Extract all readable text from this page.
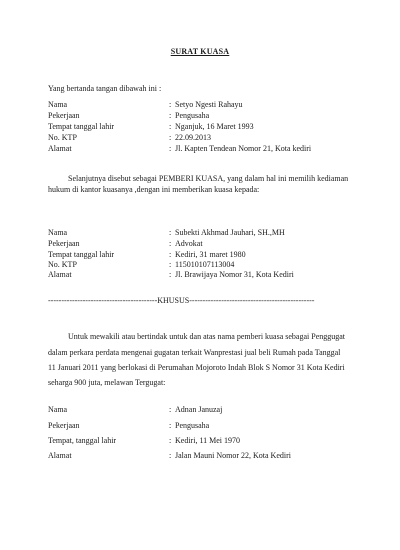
SURAT KUASA
Yang bertanda tangan dibawah ini :
Nama	: Setyo Ngesti Rahayu
Pekerjaan	: Pengusaha
Tempat tanggal lahir	: Nganjuk, 16 Maret 1993
No. KTP	: 22.09.2013
Alamat	: Jl. Kapten Tendean Nomor 21, Kota kediri
Selanjutnya disebut sebagai PEMBERI KUASA, yang dalam hal ini memilih kediaman
hukum di kantor kuasanya ,dengan ini memberikan kuasa kepada:
Nama	: Subekti Akhmad Jauhari, SH.,MH
Pekerjaan	: Advokat
Tempat tanggal lahir	: Kediri, 31 maret 1980
No. KTP	: 115010107113004
Alamat	: Jl. Brawijaya Nomor 31, Kota Kediri
-----------------------------------------KHUSUS-----------------------------------------------
Untuk mewakili atau bertindak untuk dan atas nama pemberi kuasa sebagai Penggugat
dalam perkara perdata mengenai gugatan terkait Wanprestasi jual beli Rumah pada Tanggal
11 Januari 2011 yang berlokasi di Perumahan Mojoroto Indah Blok S Nomor 31 Kota Kediri
seharga 900 juta, melawan Tergugat:
Nama	: Adnan Januzaj
Pekerjaan	: Pengusaha
Tempat, tanggal lahir	: Kediri, 11 Mei 1970
Alamat	: Jalan Mauni Nomor 22, Kota Kediri
